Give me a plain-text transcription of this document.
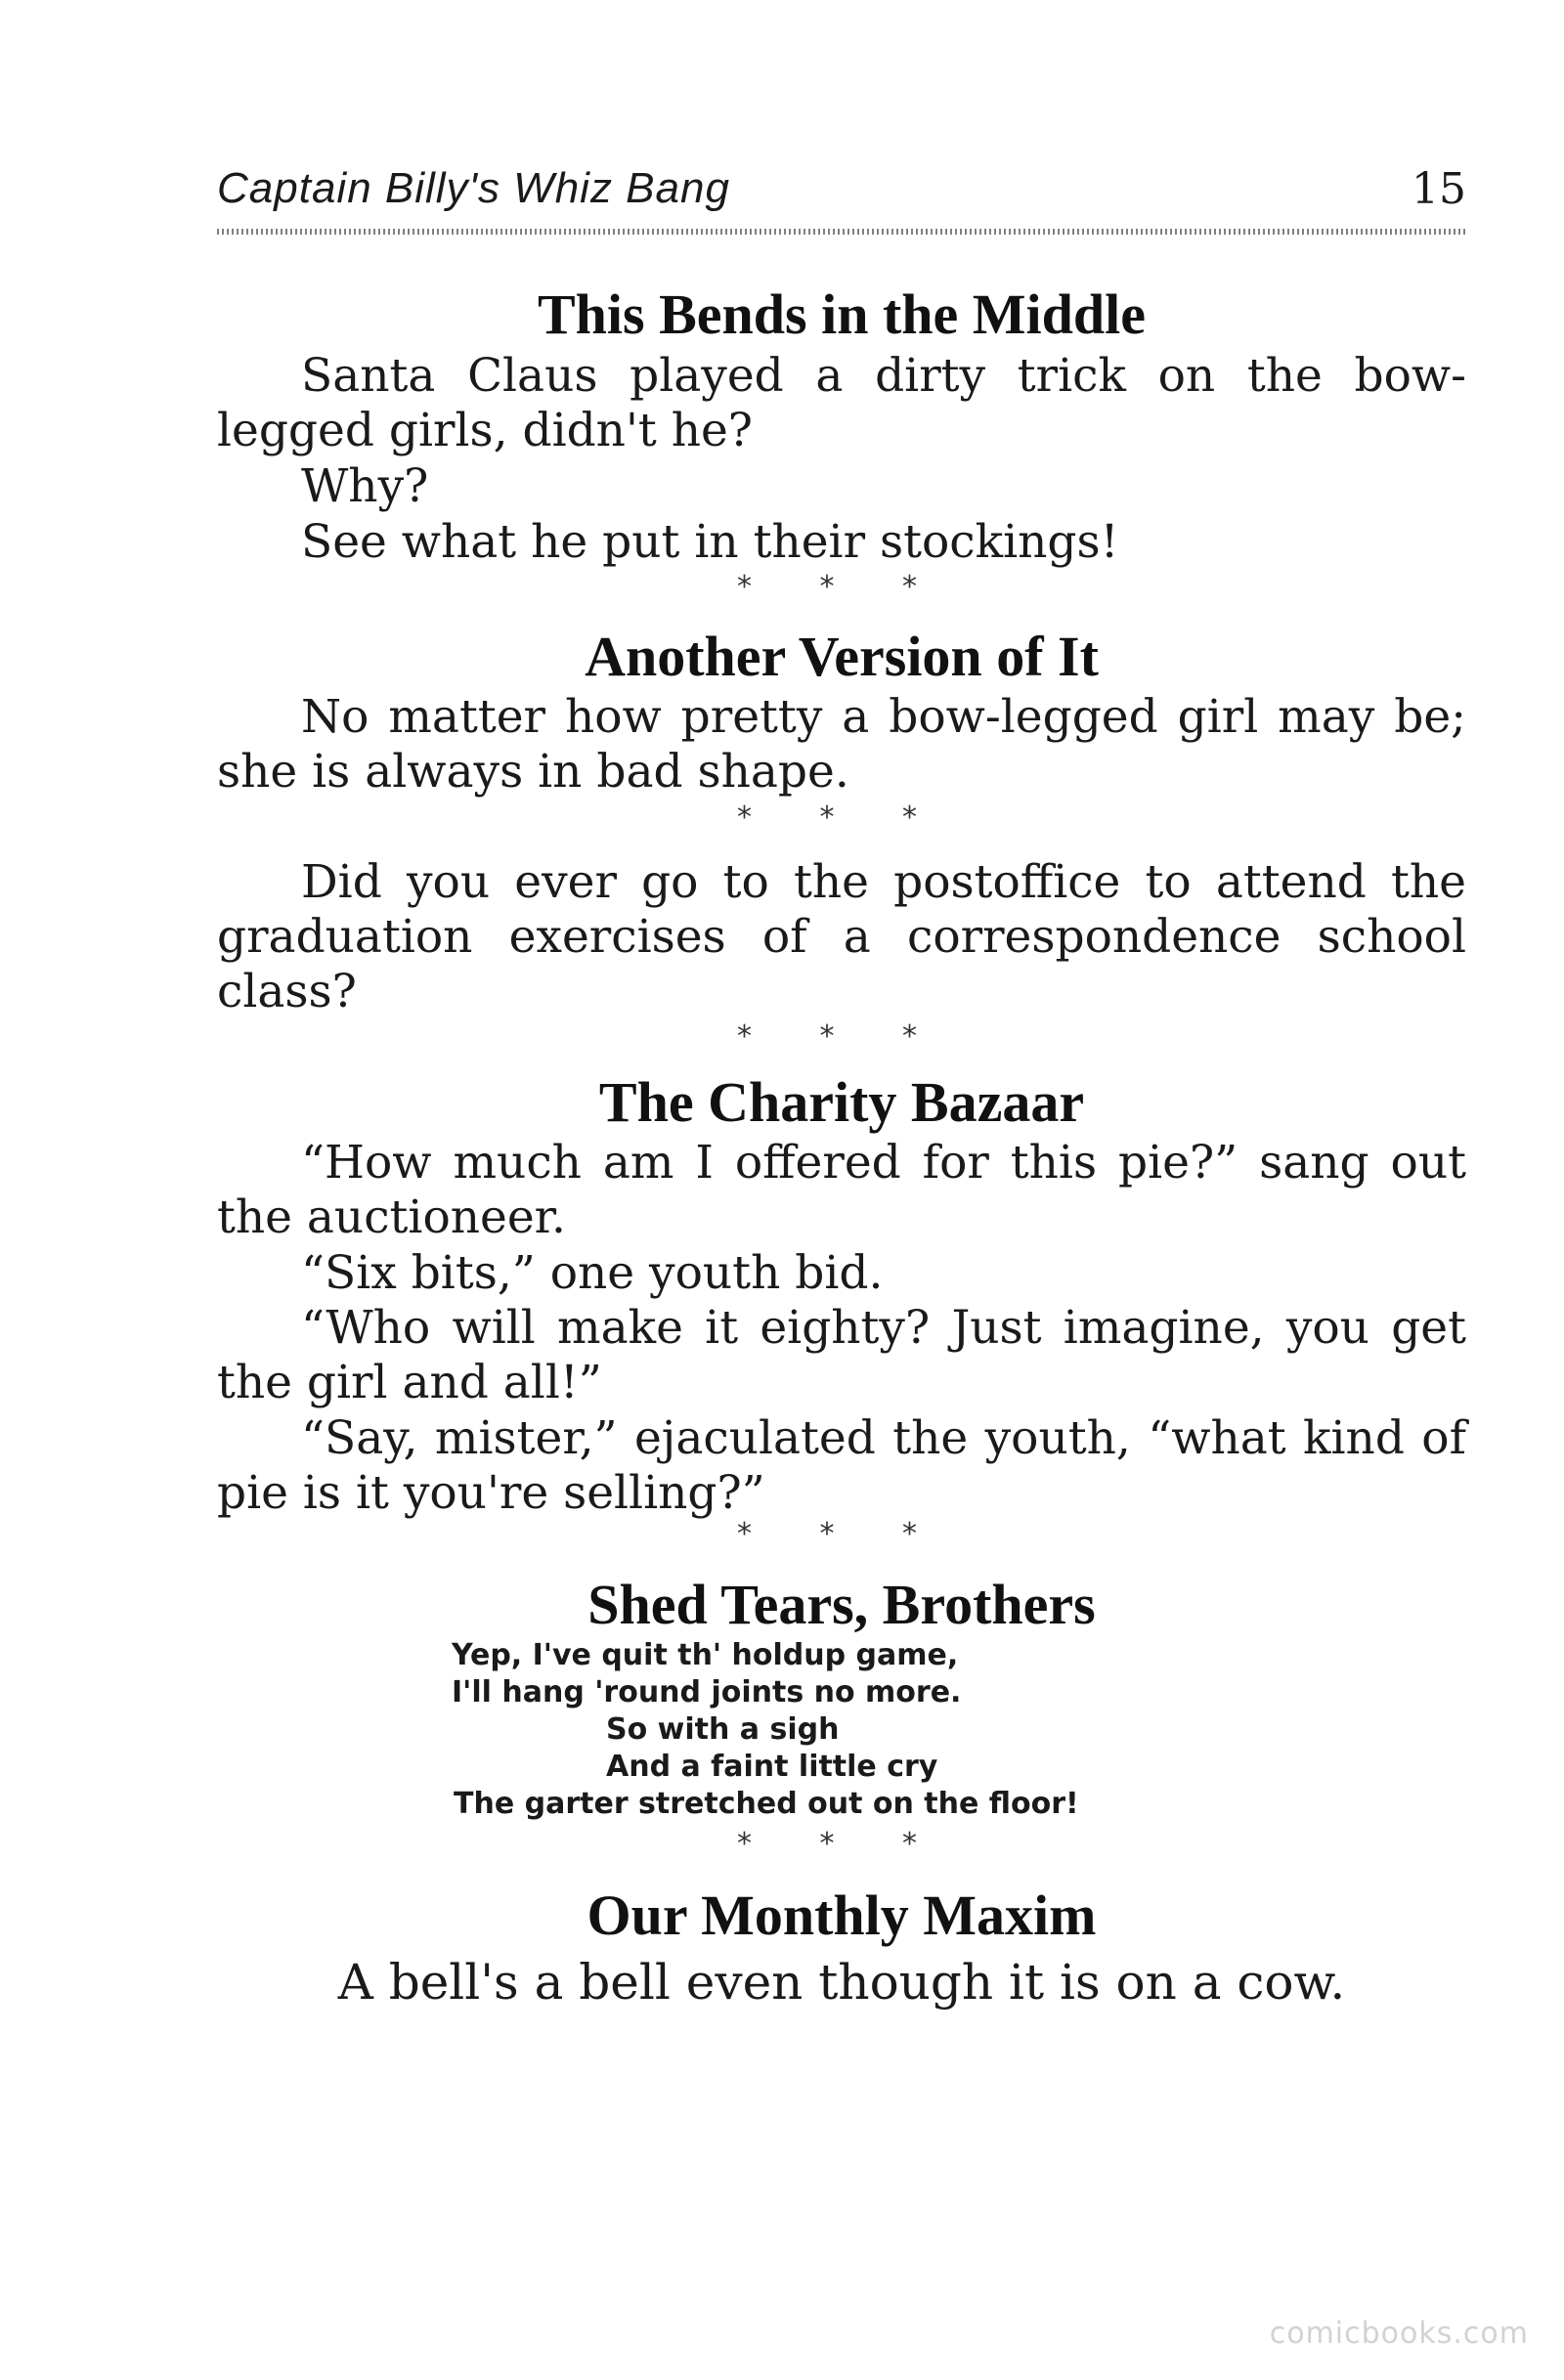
Captain Billy's Whiz Bang	15
This Bends in the Middle
Santa Claus played a dirty trick on the bow-legged girls, didn't he?
Why?
See what he put in their stockings!
* * *
Another Version of It
No matter how pretty a bow-legged girl may be; she is always in bad shape.
* * *
Did you ever go to the postoffice to attend the graduation exercises of a correspondence school class?
* * *
The Charity Bazaar
“How much am I offered for this pie?” sang out the auctioneer.
“Six bits,” one youth bid.
“Who will make it eighty? Just imagine, you get the girl and all!”
“Say, mister,” ejaculated the youth, “what kind of pie is it you're selling?”
* * *
Shed Tears, Brothers
Yep, I've quit th' holdup game,
I'll hang 'round joints no more.
So with a sigh
And a faint little cry
The garter stretched out on the floor!
* * *
Our Monthly Maxim
A bell's a bell even though it is on a cow.
comicbooks.com
